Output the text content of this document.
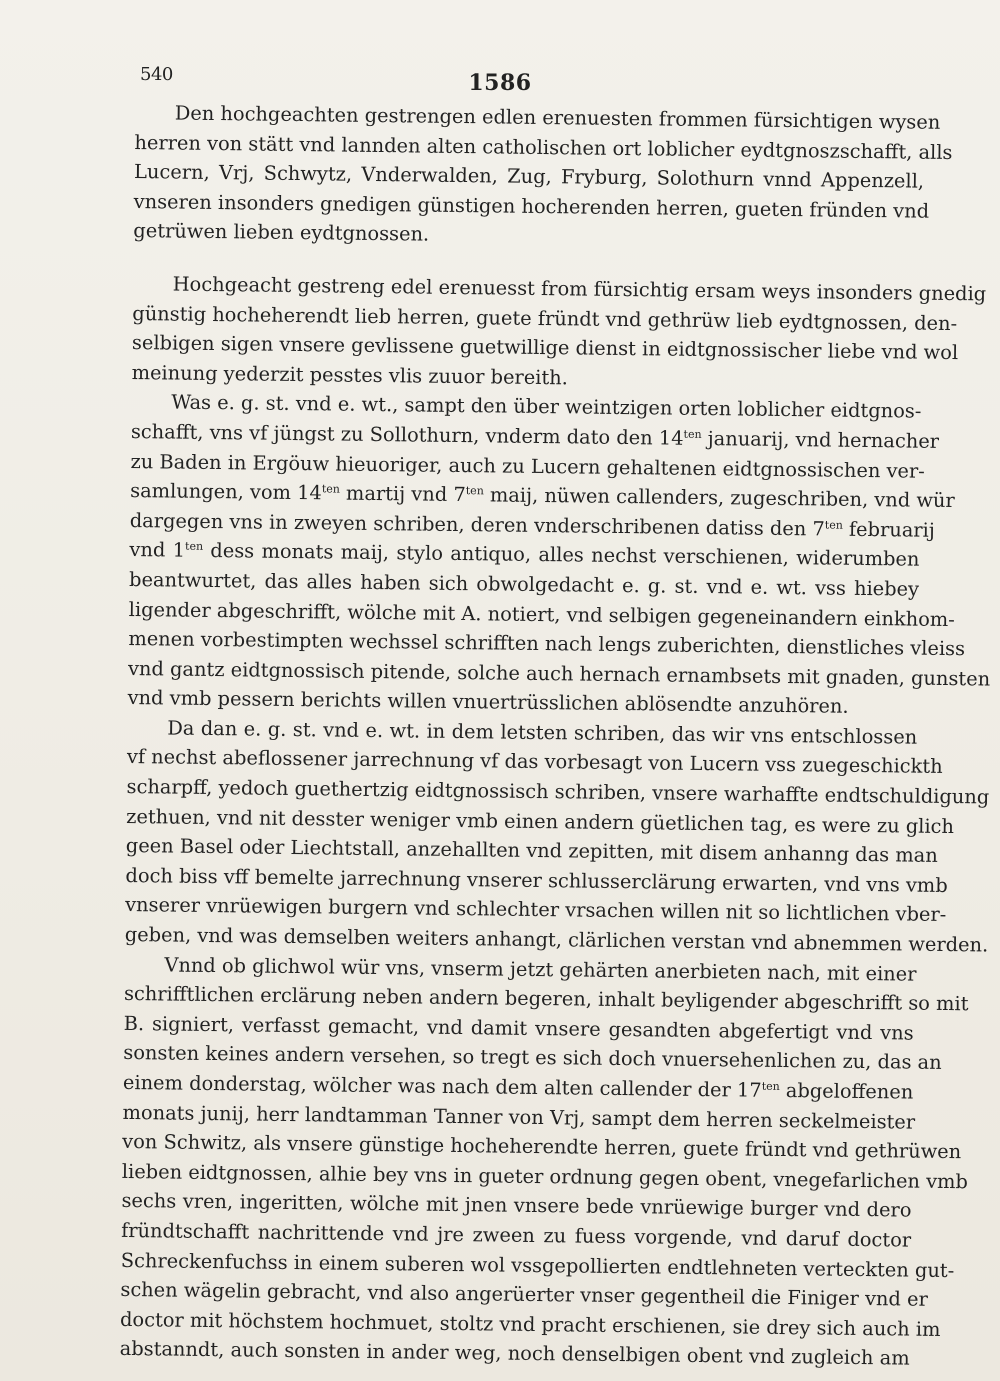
540	1586

Den hochgeachten gestrengen edlen erenuesten frommen fürsichtigen wysen
herren von stätt vnd lannden alten catholischen ort loblicher eydtgnoszschafft, alls
Lucern, Vrj, Schwytz, Vnderwalden, Zug, Fryburg, Solothurn vnnd Appenzell,
vnseren insonders gnedigen günstigen hocherenden herren, gueten fründen vnd
getrüwen lieben eydtgnossen.

Hochgeacht gestreng edel erenuesst from fürsichtig ersam weys insonders gnedig
günstig hocheherendt lieb herren, guete fründt vnd gethrüw lieb eydtgnossen, den-
selbigen sigen vnsere gevlissene guetwillige dienst in eidtgnossischer liebe vnd wol
meinung yederzit pesstes vlis zuuor bereith.

Was e. g. st. vnd e. wt., sampt den über weintzigen orten loblicher eidtgnos-
schafft, vns vf jüngst zu Sollothurn, vnderm dato den $14^{ten}$ januarij, vnd hernacher
zu Baden in Ergöuw hieuoriger, auch zu Lucern gehaltenen eidtgnossischen ver-
samlungen, vom $14^{ten}$ martij vnd $7^{ten}$ maij, nüwen callenders, zugeschriben, vnd wür
dargegen vns in zweyen schriben, deren vnderschribenen datiss den $7^{ten}$ februarij
vnd $1^{ten}$ dess monats maij, stylo antiquo, alles nechst verschienen, widerumben
beantwurtet, das alles haben sich obwolgedacht e. g. st. vnd e. wt. vss hiebey
ligender abgeschrifft, wölche mit A. notiert, vnd selbigen gegeneinandern einkhom-
menen vorbestimpten wechssel schrifften nach lengs zuberichten, dienstliches vleiss
vnd gantz eidtgnossisch pitende, solche auch hernach ernambsets mit gnaden, gunsten
vnd vmb pessern berichts willen vnuertrüsslichen ablösendte anzuhören.

Da dan e. g. st. vnd e. wt. in dem letsten schriben, das wir vns entschlossen
vf nechst abeflossener jarrechnung vf das vorbesagt von Lucern vss zuegeschickth
scharpff, yedoch guethertzig eidtgnossisch schriben, vnsere warhaffte endtschuldigung
zethuen, vnd nit desster weniger vmb einen andern güetlichen tag, es were zu glich
geen Basel oder Liechtstall, anzehallten vnd zepitten, mit disem anhanng das man
doch biss vff bemelte jarrechnung vnserer schlusserclärung erwarten, vnd vns vmb
vnserer vnrüewigen burgern vnd schlechter vrsachen willen nit so lichtlichen vber-
geben, vnd was demselben weiters anhangt, clärlichen verstan vnd abnemmen werden.

Vnnd ob glichwol wür vns, vnserm jetzt gehärten anerbieten nach, mit einer
schrifftlichen erclärung neben andern begeren, inhalt beyligender abgeschrifft so mit
B. signiert, verfasst gemacht, vnd damit vnsere gesandten abgefertigt vnd vns
sonsten keines andern versehen, so tregt es sich doch vnuersehenlichen zu, das an
einem donderstag, wölcher was nach dem alten callender der $17^{ten}$ abgeloffenen
monats junij, herr landtamman Tanner von Vrj, sampt dem herren seckelmeister
von Schwitz, als vnsere günstige hocheherendte herren, guete fründt vnd gethrüwen
lieben eidtgnossen, alhie bey vns in gueter ordnung gegen obent, vnegefarlichen vmb
sechs vren, ingeritten, wölche mit jnen vnsere bede vnrüewige burger vnd dero
fründtschafft nachrittende vnd jre zween zu fuess vorgende, vnd daruf doctor
Schreckenfuchss in einem suberen wol vssgepollierten endtlehneten verteckten gut-
schen wägelin gebracht, vnd also angerüerter vnser gegentheil die Finiger vnd er
doctor mit höchstem hochmuet, stoltz vnd pracht erschienen, sie drey sich auch im
abstanndt, auch sonsten in ander weg, noch denselbigen obent vnd zugleich am
